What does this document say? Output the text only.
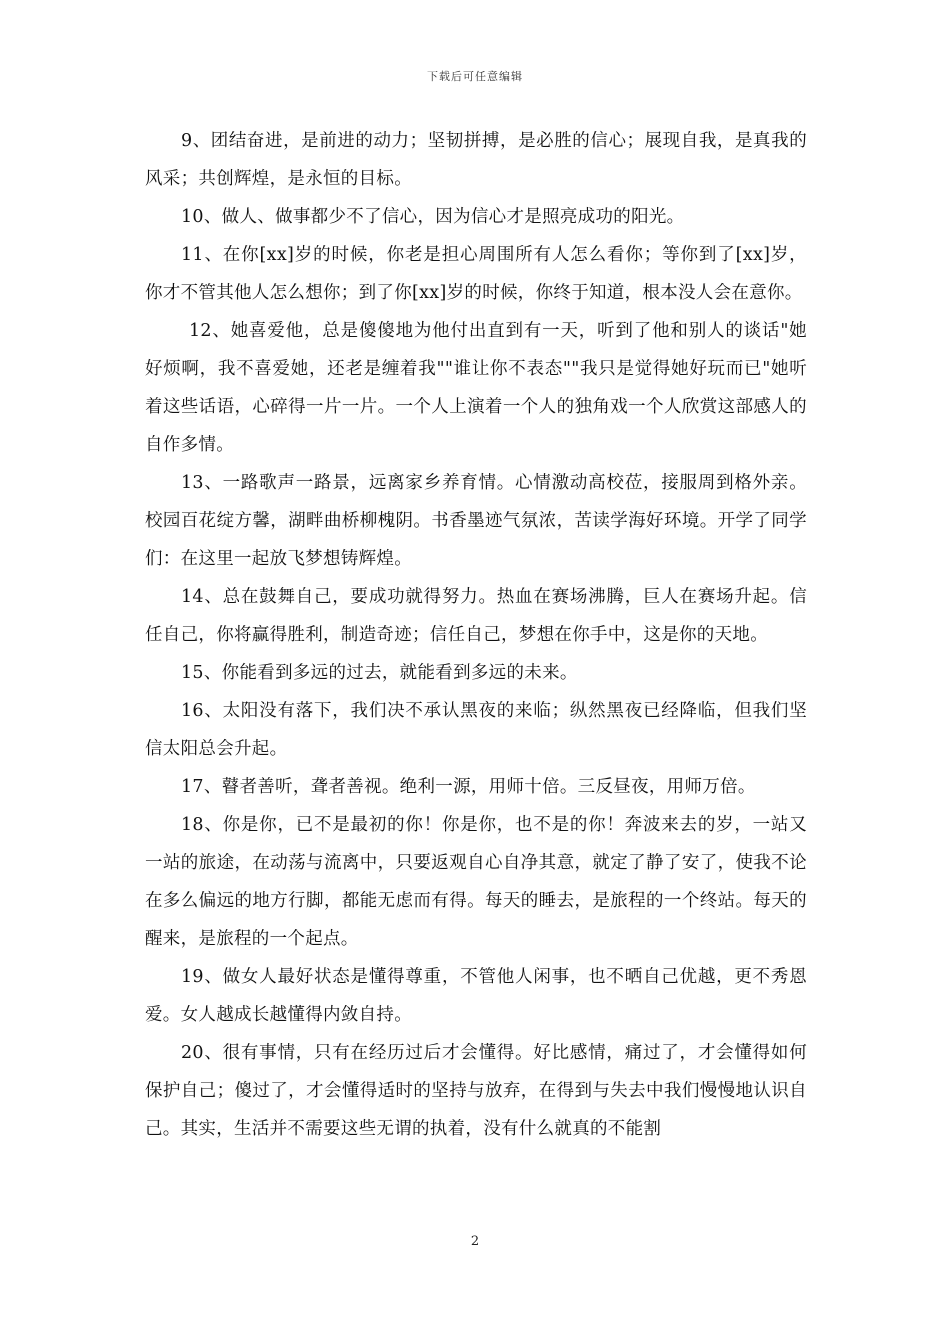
下载后可任意编辑

9、团结奋进，是前进的动力；坚韧拼搏，是必胜的信心；展现自我，是真我的风采；共创辉煌，是永恒的目标。

10、做人、做事都少不了信心，因为信心才是照亮成功的阳光。

11、在你[xx]岁的时候，你老是担心周围所有人怎么看你；等你到了[xx]岁，你才不管其他人怎么想你；到了你[xx]岁的时候，你终于知道，根本没人会在意你。

12、她喜爱他，总是傻傻地为他付出直到有一天，听到了他和别人的谈话"她好烦啊，我不喜爱她，还老是缠着我""谁让你不表态""我只是觉得她好玩而已"她听着这些话语，心碎得一片一片。一个人上演着一个人的独角戏一个人欣赏这部感人的自作多情。

13、一路歌声一路景，远离家乡养育情。心情激动高校莅，接服周到格外亲。校园百花绽方馨，湖畔曲桥柳槐阴。书香墨迹气氛浓，苦读学海好环境。开学了同学们：在这里一起放飞梦想铸辉煌。

14、总在鼓舞自己，要成功就得努力。热血在赛场沸腾，巨人在赛场升起。信任自己，你将赢得胜利，制造奇迹；信任自己，梦想在你手中，这是你的天地。

15、你能看到多远的过去，就能看到多远的未来。

16、太阳没有落下，我们决不承认黑夜的来临；纵然黑夜已经降临，但我们坚信太阳总会升起。

17、瞽者善听，聋者善视。绝利一源，用师十倍。三反昼夜，用师万倍。

18、你是你，已不是最初的你！你是你，也不是的你！奔波来去的岁，一站又一站的旅途，在动荡与流离中，只要返观自心自净其意，就定了静了安了，使我不论在多么偏远的地方行脚，都能无虑而有得。每天的睡去，是旅程的一个终站。每天的醒来，是旅程的一个起点。

19、做女人最好状态是懂得尊重，不管他人闲事，也不晒自己优越，更不秀恩爱。女人越成长越懂得内敛自持。

20、很有事情，只有在经历过后才会懂得。好比感情，痛过了，才会懂得如何保护自己；傻过了，才会懂得适时的坚持与放弃，在得到与失去中我们慢慢地认识自己。其实，生活并不需要这些无谓的执着，没有什么就真的不能割

2
